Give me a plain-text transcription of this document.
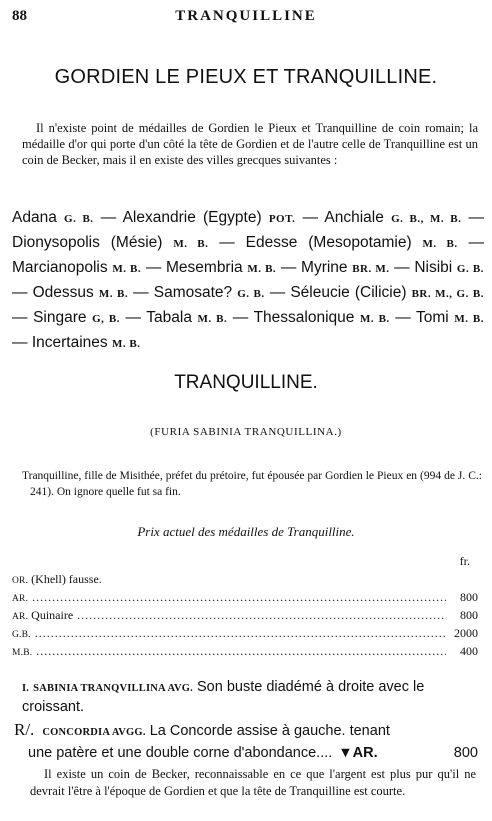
88	TRANQUILLINE
GORDIEN LE PIEUX ET TRANQUILLINE.
Il n'existe point de médailles de Gordien le Pieux et Tranquilline de coin romain; la médaille d'or qui porte d'un côté la tête de Gordien et de l'autre celle de Tranquilline est un coin de Becker, mais il en existe des villes grecques suivantes :
Adana G. B. — Alexandrie (Egypte) POT. — Anchiale G. B., M. B. — Dionysopolis (Mésie) M. B. — Edesse (Mesopotamie) M. B. — Marcianopolis M. B. — Mesembria M. B. — Myrine BR. M. — Nisibi G. B. — Odessus M. B. — Samosate? G. B. — Séleucie (Cilicie) BR. M., G. B. — Singare G, B. — Tabala M. B. — Thessalonique M. B. — Tomi M. B. — Incertaines M. B.
TRANQUILLINE.
(FURIA SABINIA TRANQUILLINA.)
Tranquilline, fille de Misithée, préfet du prétoire, fut épousée par Gordien le Pieux en (994 de J. C.: 241). On ignore quelle fut sa fin.
Prix actuel des médailles de Tranquilline.
fr.
OR. (Khell) fausse.
AR. .....	800
AR. Quinaire .....	800
G.B. .....	2000
M.B. .....	400
I. SABINIA TRANQVILLINA AVG. Son buste diadémé à droite avec le croissant.
R/. CONCORDIA AVGG. La Concorde assise à gauche. tenant
une patère et une double corne d'abondance.... ▼AR.	800
Il existe un coin de Becker, reconnaissable en ce que l'argent est plus pur qu'il ne devrait l'être à l'époque de Gordien et que la tête de Tranquilline est courte.
